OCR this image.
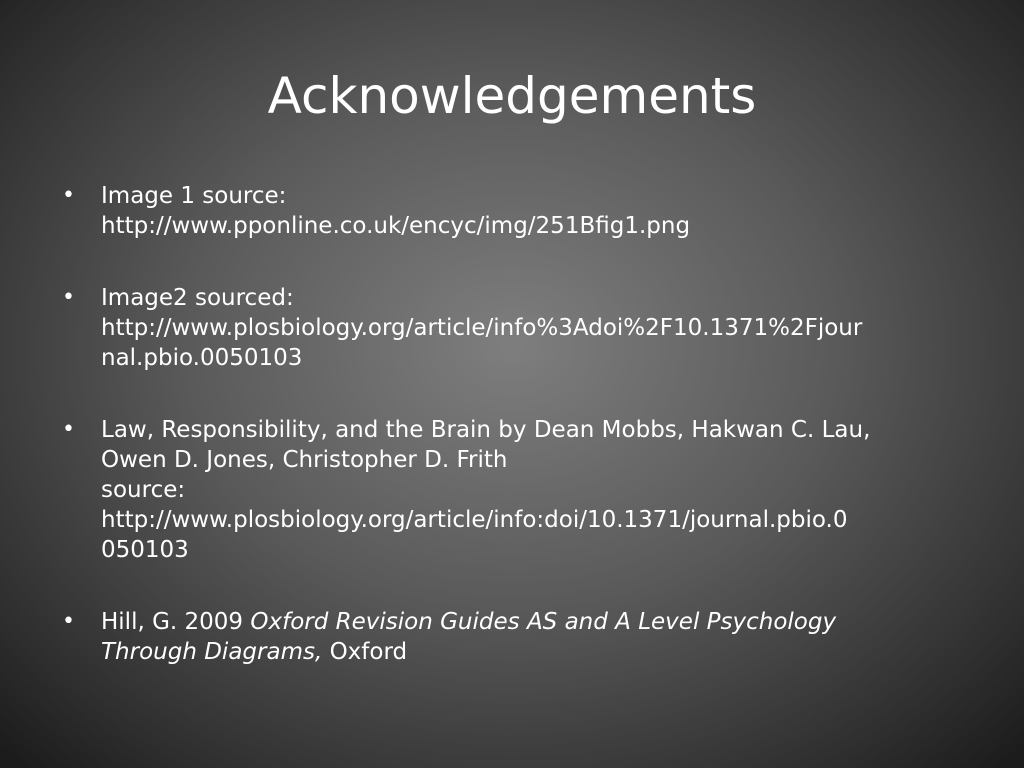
Acknowledgements
• Image 1 source:
http://www.pponline.co.uk/encyc/img/251Bfig1.png
• Image2 sourced:
http://www.plosbiology.org/article/info%3Adoi%2F10.1371%2Fjour
nal.pbio.0050103
• Law, Responsibility, and the Brain by Dean Mobbs, Hakwan C. Lau,
Owen D. Jones, Christopher D. Frith
source:
http://www.plosbiology.org/article/info:doi/10.1371/journal.pbio.0
050103
• Hill, G. 2009 Oxford Revision Guides AS and A Level Psychology
Through Diagrams, Oxford
